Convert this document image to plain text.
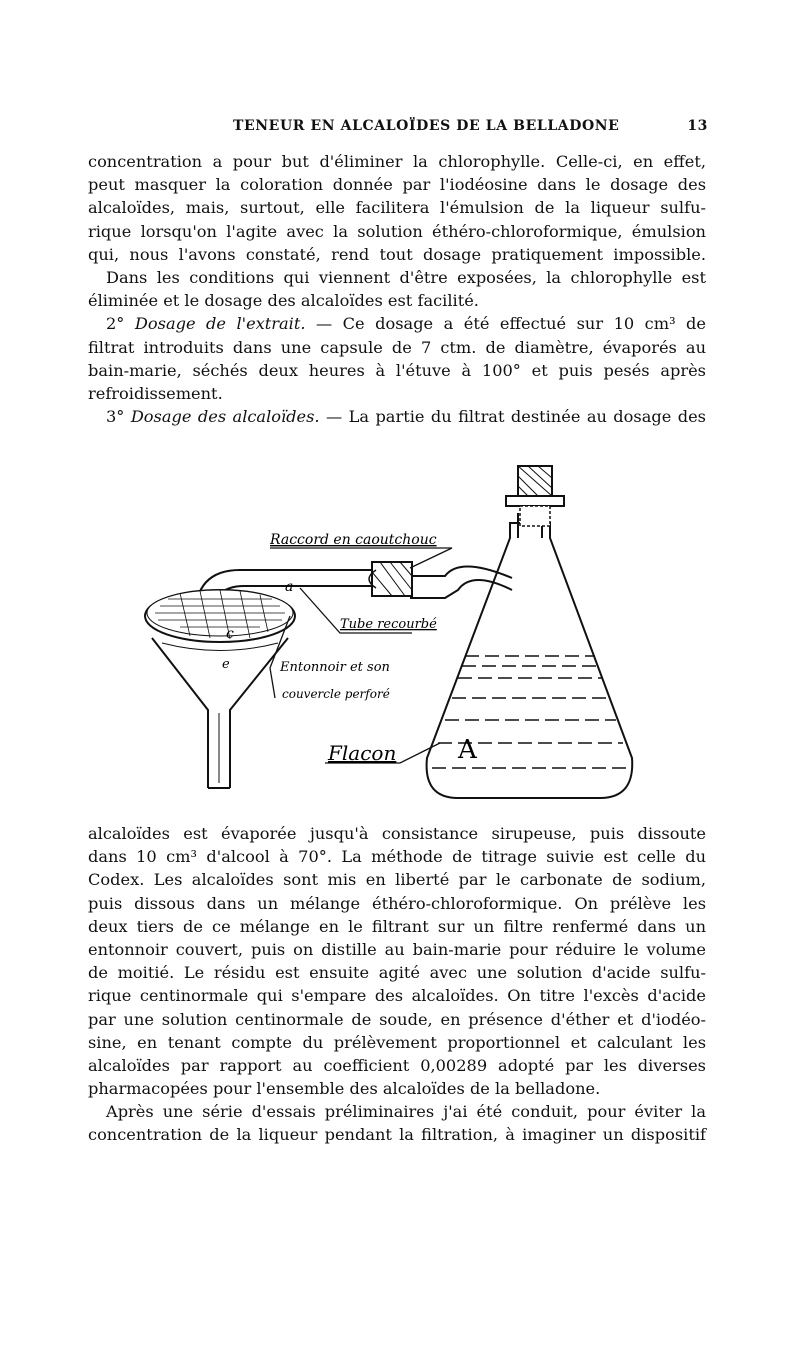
TENEUR EN ALCALOÏDES DE LA BELLADONE	13
concentration a pour but d'éliminer la chlorophylle. Celle-ci, en effet,
peut masquer la coloration donnée par l'iodéosine dans le dosage des
alcaloïdes, mais, surtout, elle facilitera l'émulsion de la liqueur sulfu-
rique lorsqu'on l'agite avec la solution éthéro-chloroformique, émulsion
qui, nous l'avons constaté, rend tout dosage pratiquement impossible.
Dans les conditions qui viennent d'être exposées, la chlorophylle est
éliminée et le dosage des alcaloïdes est facilité.
2° Dosage de l'extrait. — Ce dosage a été effectué sur 10 cm³ de
filtrat introduits dans une capsule de 7 ctm. de diamètre, évaporés au
bain-marie, séchés deux heures à l'étuve à 100° et puis pesés après
refroidissement.
3° Dosage des alcaloïdes. — La partie du filtrat destinée au dosage des
Raccord en caoutchouc
Tube recourbé
Entonnoir et son
couvercle perforé
Flacon
a
c
e
A
alcaloïdes est évaporée jusqu'à consistance sirupeuse, puis dissoute
dans 10 cm³ d'alcool à 70°. La méthode de titrage suivie est celle du
Codex. Les alcaloïdes sont mis en liberté par le carbonate de sodium,
puis dissous dans un mélange éthéro-chloroformique. On prélève les
deux tiers de ce mélange en le filtrant sur un filtre renfermé dans un
entonnoir couvert, puis on distille au bain-marie pour réduire le volume
de moitié. Le résidu est ensuite agité avec une solution d'acide sulfu-
rique centinormale qui s'empare des alcaloïdes. On titre l'excès d'acide
par une solution centinormale de soude, en présence d'éther et d'iodéo-
sine, en tenant compte du prélèvement proportionnel et calculant les
alcaloïdes par rapport au coefficient 0,00289 adopté par les diverses
pharmacopées pour l'ensemble des alcaloïdes de la belladone.
Après une série d'essais préliminaires j'ai été conduit, pour éviter la
concentration de la liqueur pendant la filtration, à imaginer un dispositif
